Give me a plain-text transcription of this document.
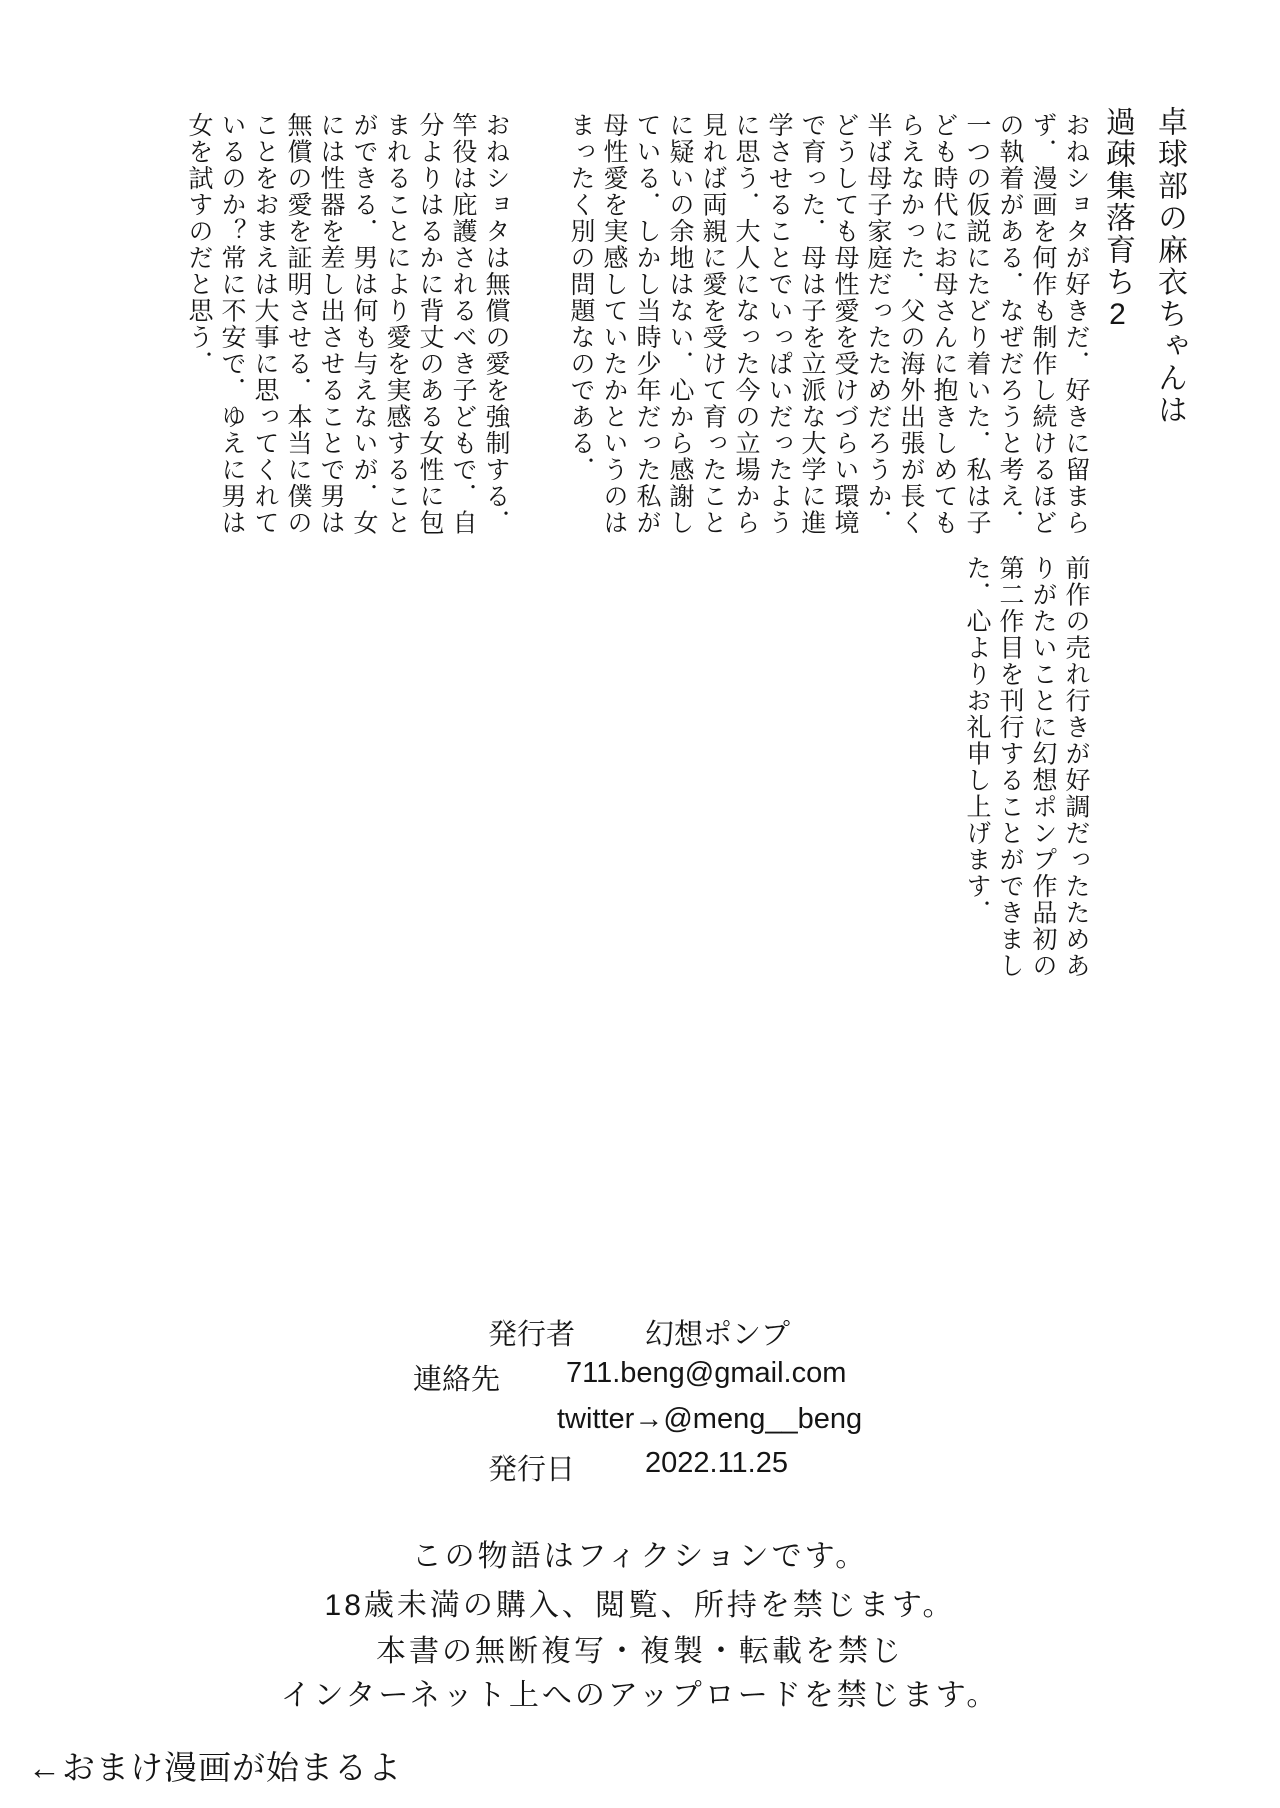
卓球部の麻衣ちゃんは
過疎集落育ち2
おねショタが好きだ．好きに留まら
ず．漫画を何作も制作し続けるほど
の執着がある．なぜだろうと考え．
一つの仮説にたどり着いた．私は子
ども時代にお母さんに抱きしめても
らえなかった．父の海外出張が長く
半ば母子家庭だったためだろうか．
どうしても母性愛を受けづらい環境
で育った．母は子を立派な大学に進
学させることでいっぱいだったよう
に思う．大人になった今の立場から
見れば両親に愛を受けて育ったこと
に疑いの余地はない．心から感謝し
ている．しかし当時少年だった私が
母性愛を実感していたかというのは
まったく別の問題なのである．
おねショタは無償の愛を強制する．
竿役は庇護されるべき子どもで．自
分よりはるかに背丈のある女性に包
まれることにより愛を実感すること
ができる．男は何も与えないが．女
には性器を差し出させることで男は
無償の愛を証明させる．本当に僕の
ことをおまえは大事に思ってくれて
いるのか？常に不安で．ゆえに男は
女を試すのだと思う．
前作の売れ行きが好調だったためあ
りがたいことに幻想ポンプ作品初の
第二作目を刊行することができまし
た．心よりお礼申し上げます．
発行者 幻想ポンプ
連絡先 711.beng@gmail.com
twitter→@meng__beng
発行日 2022.11.25
この物語はフィクションです。
18歳未満の購入、閲覧、所持を禁じます。
本書の無断複写・複製・転載を禁じ
インターネット上へのアップロードを禁じます。
←おまけ漫画が始まるよ
